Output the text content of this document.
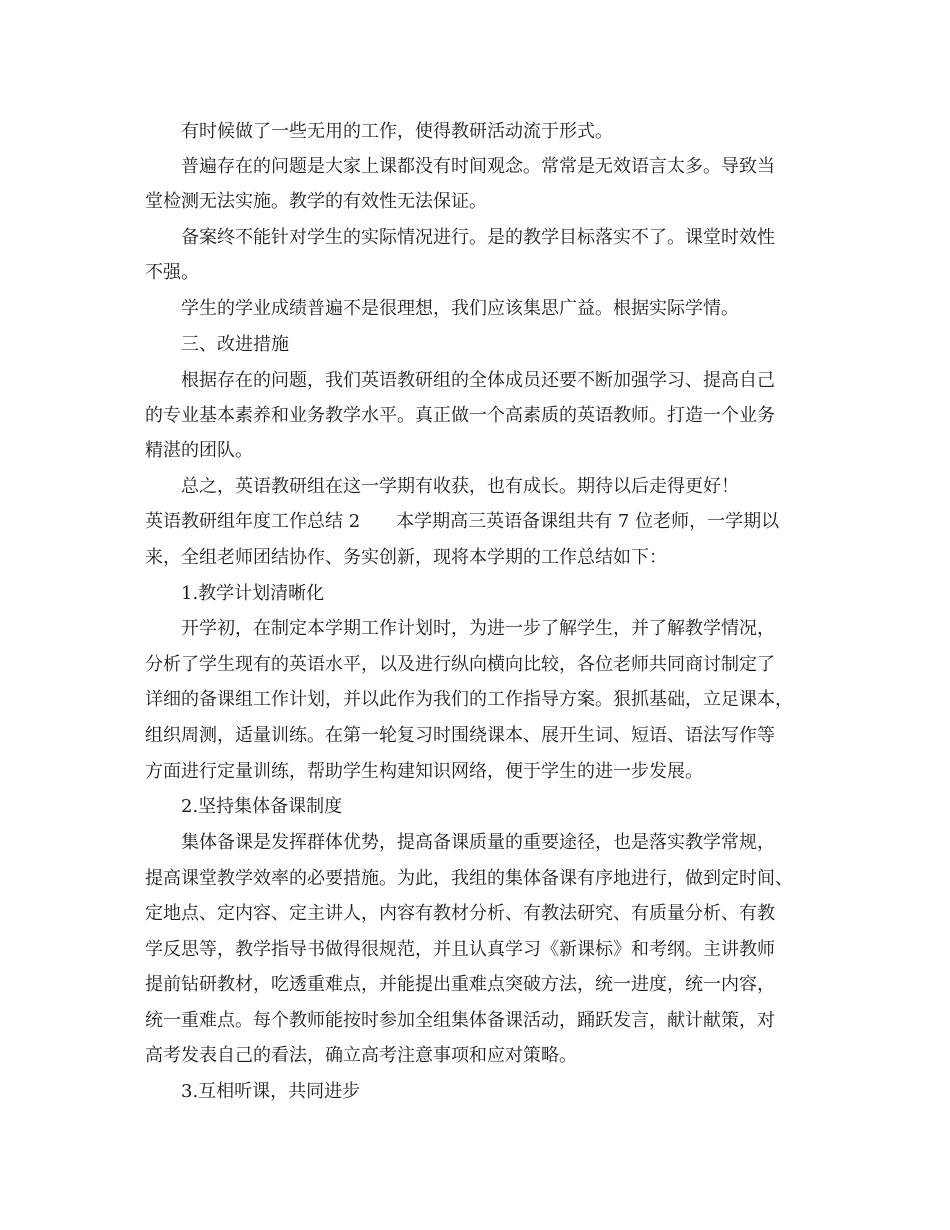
有时候做了一些无用的工作，使得教研活动流于形式。

普遍存在的问题是大家上课都没有时间观念。常常是无效语言太多。导致当

堂检测无法实施。教学的有效性无法保证。

备案终不能针对学生的实际情况进行。是的教学目标落实不了。课堂时效性

不强。

学生的学业成绩普遍不是很理想，我们应该集思广益。根据实际学情。

三、改进措施

根据存在的问题，我们英语教研组的全体成员还要不断加强学习、提高自己

的专业基本素养和业务教学水平。真正做一个高素质的英语教师。打造一个业务

精湛的团队。

总之，英语教研组在这一学期有收获，也有成长。期待以后走得更好！

英语教研组年度工作总结 2　　本学期高三英语备课组共有 7 位老师，一学期以

来，全组老师团结协作、务实创新，现将本学期的工作总结如下：

1.教学计划清晰化

开学初，在制定本学期工作计划时，为进一步了解学生，并了解教学情况，

分析了学生现有的英语水平，以及进行纵向横向比较，各位老师共同商讨制定了

详细的备课组工作计划，并以此作为我们的工作指导方案。狠抓基础，立足课本，

组织周测，适量训练。在第一轮复习时围绕课本、展开生词、短语、语法写作等

方面进行定量训练，帮助学生构建知识网络，便于学生的进一步发展。

2.坚持集体备课制度

集体备课是发挥群体优势，提高备课质量的重要途径，也是落实教学常规，

提高课堂教学效率的必要措施。为此，我组的集体备课有序地进行，做到定时间、

定地点、定内容、定主讲人，内容有教材分析、有教法研究、有质量分析、有教

学反思等，教学指导书做得很规范，并且认真学习《新课标》和考纲。主讲教师

提前钻研教材，吃透重难点，并能提出重难点突破方法，统一进度，统一内容，

统一重难点。每个教师能按时参加全组集体备课活动，踊跃发言，献计献策，对

高考发表自己的看法，确立高考注意事项和应对策略。

3.互相听课，共同进步
